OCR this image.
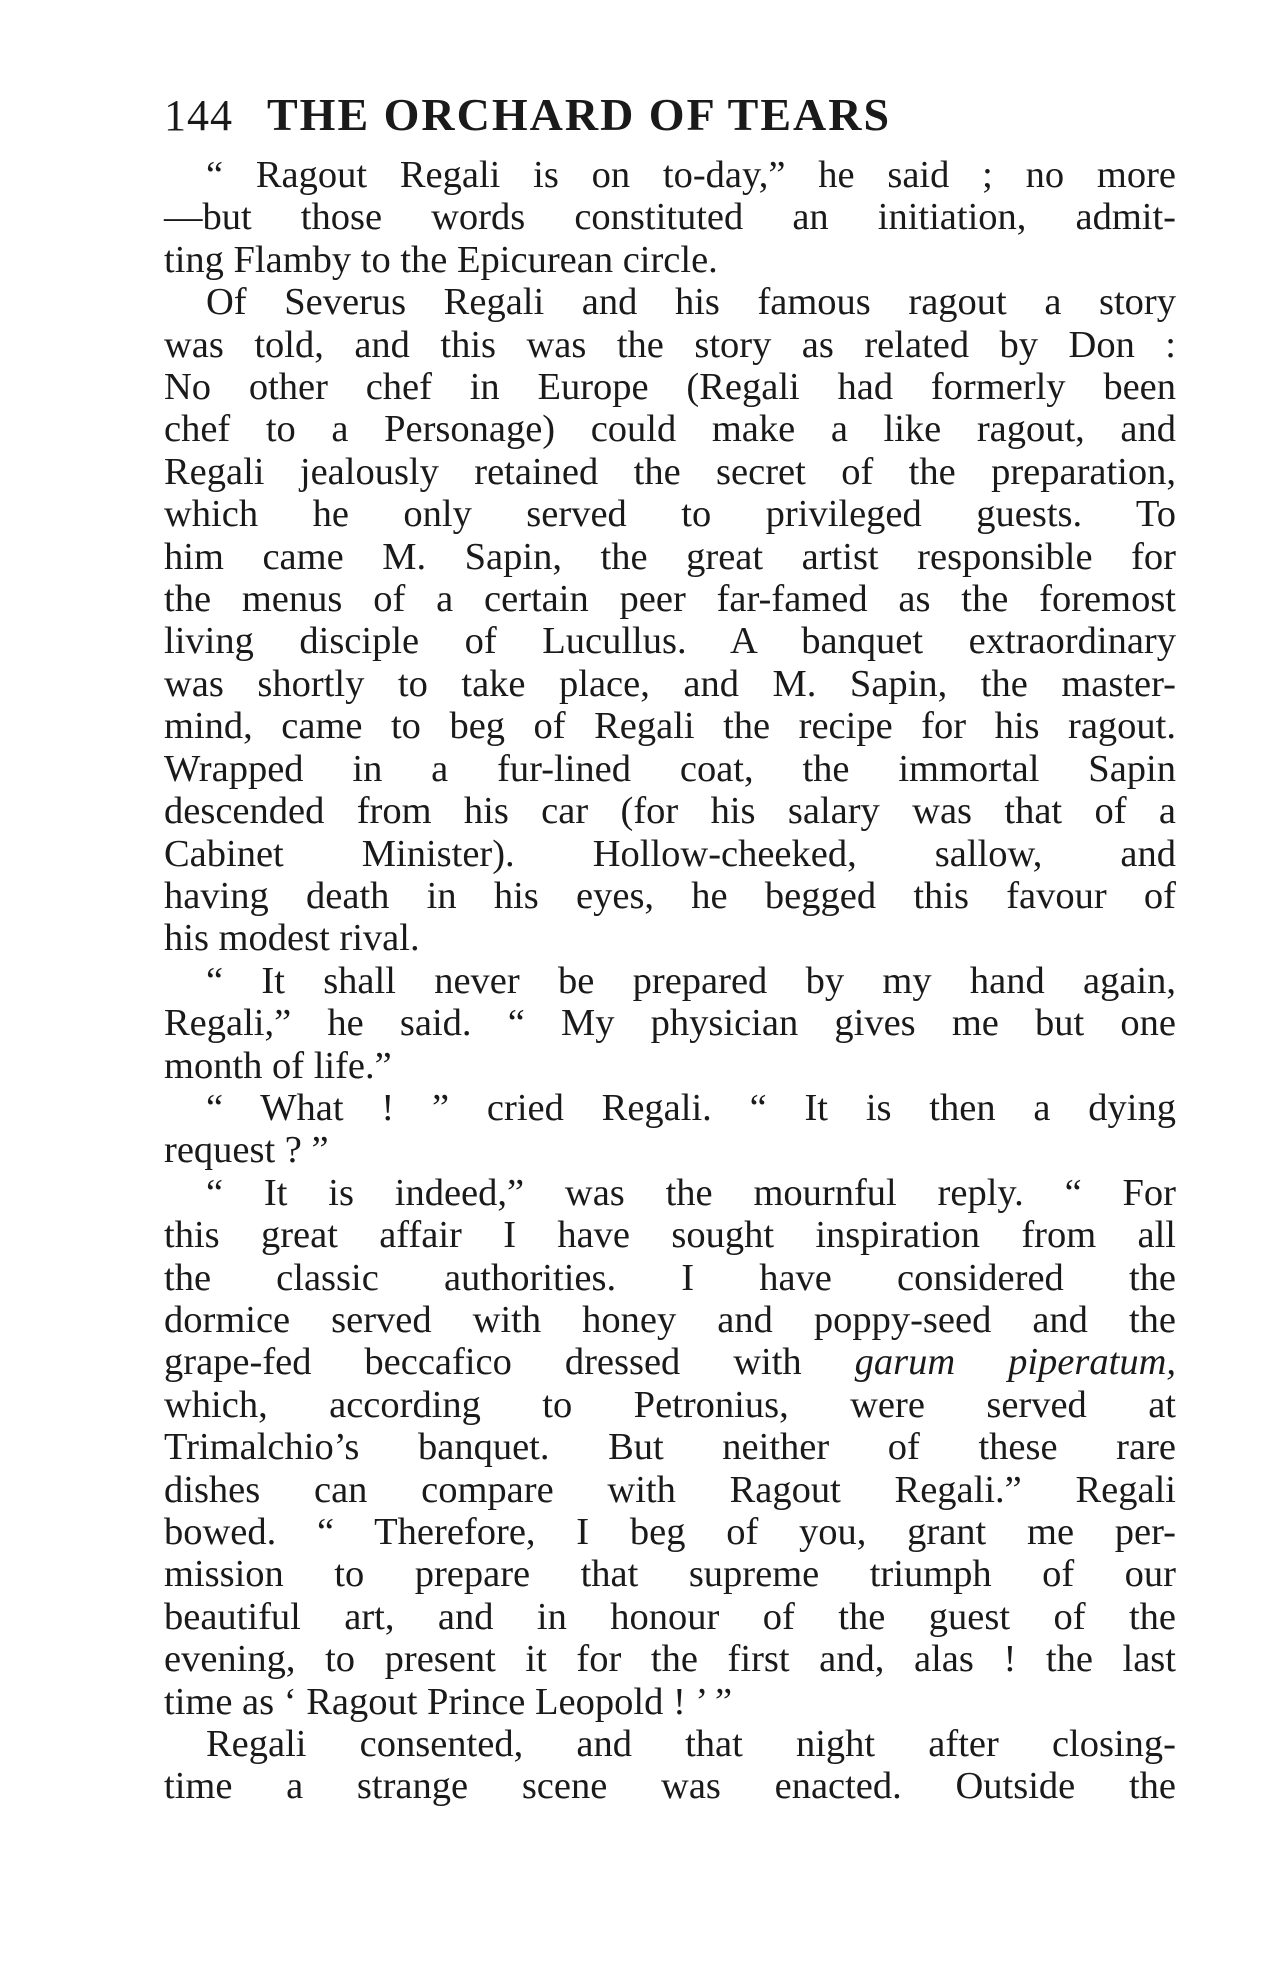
144 THE ORCHARD OF TEARS

“ Ragout Regali is on to-day,” he said ; no more
—but those words constituted an initiation, admit-
ting Flamby to the Epicurean circle.

Of Severus Regali and his famous ragout a story
was told, and this was the story as related by Don :
No other chef in Europe (Regali had formerly been
chef to a Personage) could make a like ragout, and
Regali jealously retained the secret of the preparation,
which he only served to privileged guests. To
him came M. Sapin, the great artist responsible for
the menus of a certain peer far-famed as the foremost
living disciple of Lucullus. A banquet extraordinary
was shortly to take place, and M. Sapin, the master-
mind, came to beg of Regali the recipe for his ragout.
Wrapped in a fur-lined coat, the immortal Sapin
descended from his car (for his salary was that of a
Cabinet Minister). Hollow-cheeked, sallow, and
having death in his eyes, he begged this favour of
his modest rival.

“ It shall never be prepared by my hand again,
Regali,” he said. “ My physician gives me but one
month of life.”

“ What ! ” cried Regali. “ It is then a dying
request ? ”

“ It is indeed,” was the mournful reply. “ For
this great affair I have sought inspiration from all
the classic authorities. I have considered the
dormice served with honey and poppy-seed and the
grape-fed beccafico dressed with garum piperatum,
which, according to Petronius, were served at
Trimalchio’s banquet. But neither of these rare
dishes can compare with Ragout Regali.” Regali
bowed. “ Therefore, I beg of you, grant me per-
mission to prepare that supreme triumph of our
beautiful art, and in honour of the guest of the
evening, to present it for the first and, alas ! the last
time as ‘ Ragout Prince Leopold ! ’ ”

Regali consented, and that night after closing-
time a strange scene was enacted. Outside the
